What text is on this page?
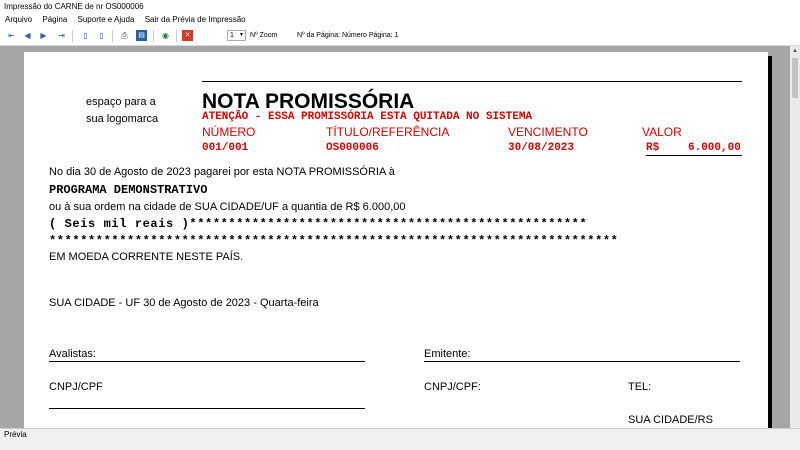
Impressão do CARNE de nr OS000006
Arquivo Página Suporte e Ajuda Sair da Prévia de Impressão
⇤	◀	▶	⇥	▯	▯	⎙	▤ ◉	✕	1 ▼ Nº Zoom	Nº da Página: Número Página: 1
espaço para a
sua logomarca
NOTA PROMISSÓRIA
ATENÇÃO - ESSA PROMISSÓRIA ESTA QUITADA NO SISTEMA
NÚMERO	TÍTULO/REFERÊNCIA	VENCIMENTO	VALOR
001/001	OS000006	30/08/2023	R$	6.000,00
No dia 30 de Agosto de 2023 pagarei por esta NOTA PROMISSÓRIA à
PROGRAMA DEMONSTRATIVO
ou à sua ordem na cidade de SUA CIDADE/UF a quantia de R$ 6.000,00
( Seis mil reais )***************************************************
*************************************************************************
EM MOEDA CORRENTE NESTE PAÍS.
SUA CIDADE - UF 30 de Agosto de 2023 - Quarta-feira
Avalistas:	Emitente:
CNPJ/CPF	CNPJ/CPF:	TEL:
SUA CIDADE/RS
▲
Prévia
